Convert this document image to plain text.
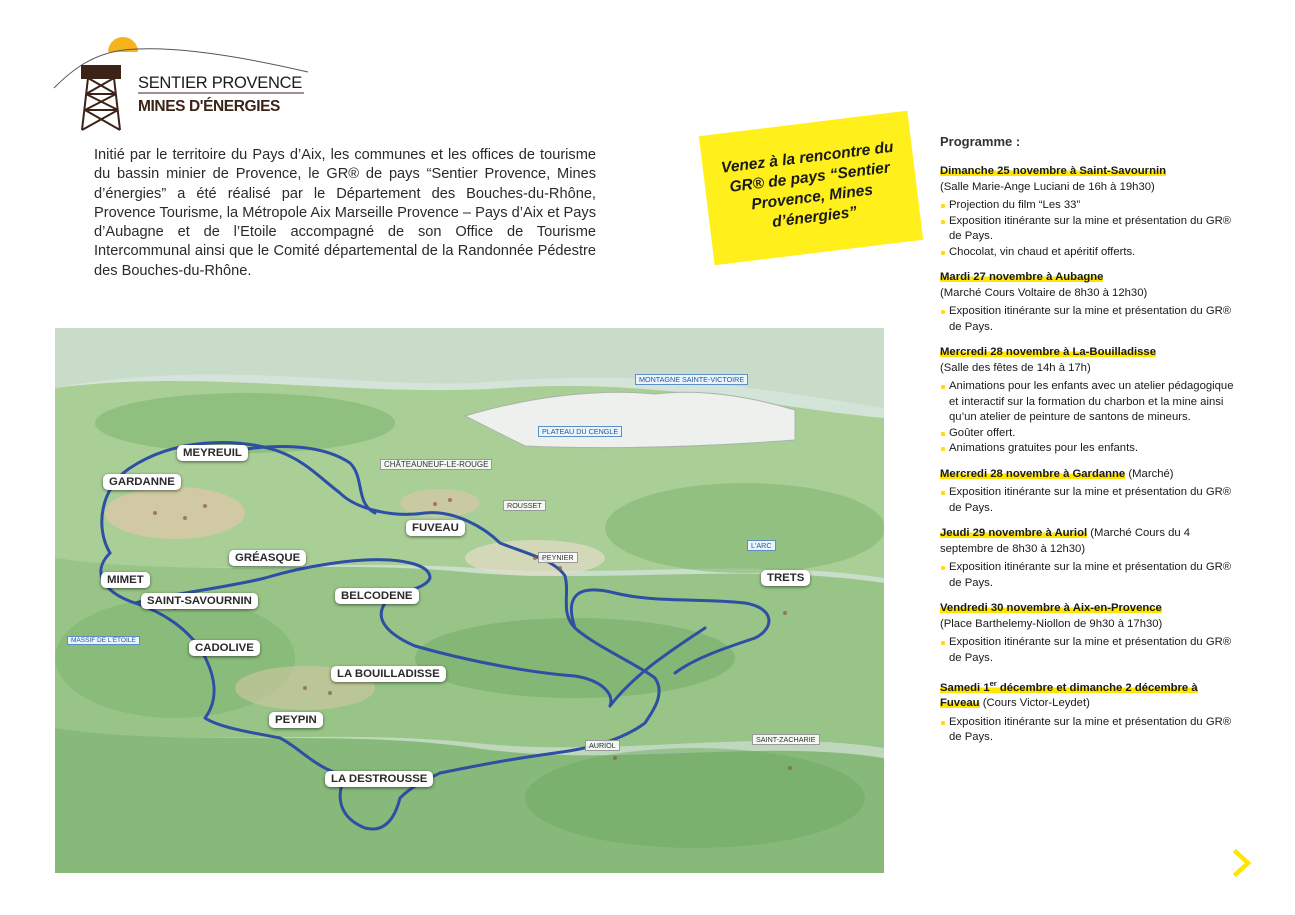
SENTIER PROVENCE
MINES D'ÉNERGIES

Initié par le territoire du Pays d’Aix, les communes et les offices de tourisme du bassin minier de Provence, le GR® de pays “Sentier Provence, Mines d’énergies” a été réalisé par le Département des Bouches-du-Rhône, Provence Tourisme, la Métropole Aix Marseille Provence – Pays d’Aix et Pays d’Aubagne et de l’Etoile accompagné de son Office de Tourisme Intercommunal ainsi que le Comité départemental de la Randonnée Pédestre des Bouches-du-Rhône.

MEYREUIL
GARDANNE
FUVEAU
GRÉASQUE
MIMET
SAINT-SAVOURNIN	BELCODENE
TRETS
CADOLIVE
LA BOUILLADISSE
PEYPIN
LA DESTROUSSE
MONTAGNE SAINTE-VICTOIRE
PLATEAU DU CENGLE
CHÂTEAUNEUF-LE-ROUGE
ROUSSET
PEYNIER
L'ARC
MASSIF DE L'ÉTOILE
AURIOL
SAINT-ZACHARIE
Venez à la rencontre du GR® de pays “Sentier Provence, Mines d’énergies”
Programme :
Dimanche 25 novembre à Saint-Savournin
(Salle Marie-Ange Luciani de 16h à 19h30)
Projection du film “Les 33”
Exposition itinérante sur la mine et présentation du GR® de Pays.
Chocolat, vin chaud et apéritif offerts.
Mardi 27 novembre à Aubagne
(Marché Cours Voltaire de 8h30 à 12h30)
Exposition itinérante sur la mine et présentation du GR® de Pays.
Mercredi 28 novembre à La-Bouilladisse
(Salle des fêtes de 14h à 17h)
Animations pour les enfants avec un atelier pédagogique et interactif sur la formation du charbon et la mine ainsi qu’un atelier de peinture de santons de mineurs.
Goûter offert.
Animations gratuites pour les enfants.
Mercredi 28 novembre à Gardanne (Marché)
Exposition itinérante sur la mine et présentation du GR® de Pays.
Jeudi 29 novembre à Auriol (Marché Cours du 4 septembre de 8h30 à 12h30)
Exposition itinérante sur la mine et présentation du GR® de Pays.
Vendredi 30 novembre à Aix-en-Provence
(Place Barthelemy-Niollon de 9h30 à 17h30)
Exposition itinérante sur la mine et présentation du GR® de Pays.
Samedi 1er décembre et dimanche 2 décembre à Fuveau (Cours Victor-Leydet)
Exposition itinérante sur la mine et présentation du GR® de Pays.
